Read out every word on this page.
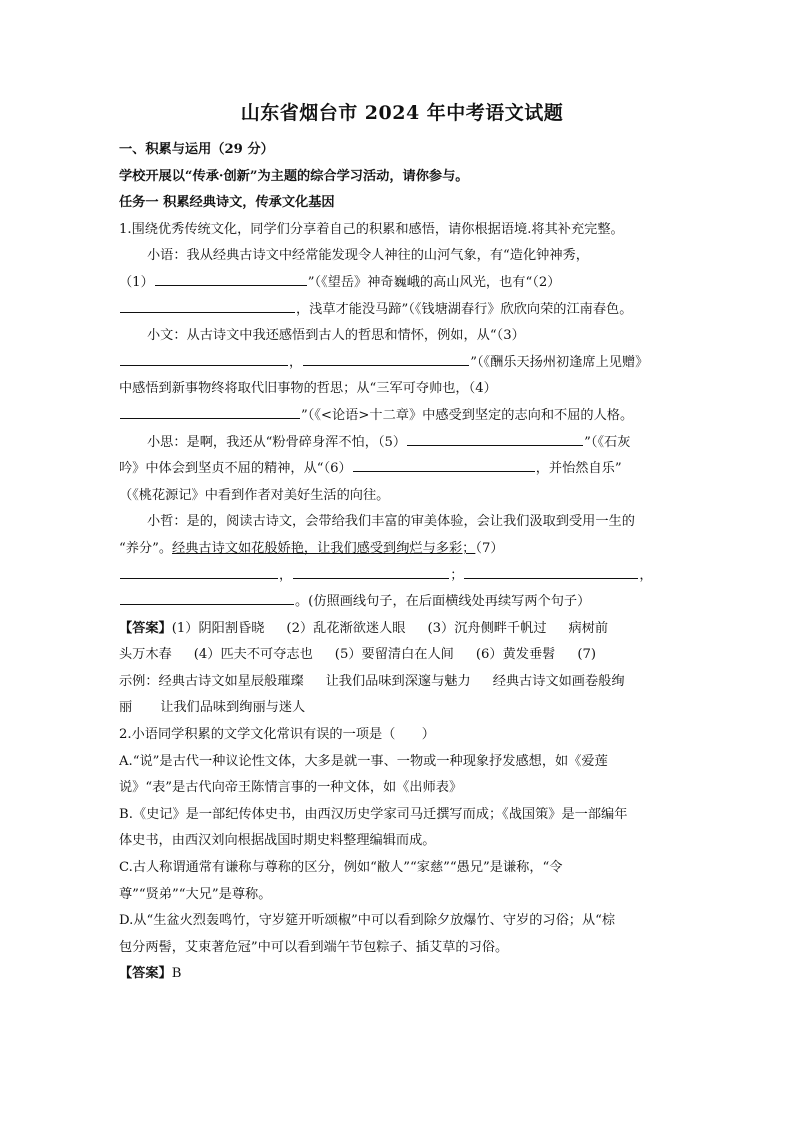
山东省烟台市 2024 年中考语文试题
一、积累与运用（29 分）
学校开展以“传承·创新”为主题的综合学习活动，请你参与。
任务一 积累经典诗文，传承文化基因
1.围绕优秀传统文化，同学们分享着自己的积累和感悟，请你根据语境.将其补充完整。
小语：我从经典古诗文中经常能发现令人神往的山河气象，有“造化钟神秀，
（1）	”（《望岳》神奇巍峨的高山风光，也有“（2）
，浅草才能没马蹄”（《钱塘湖春行》欣欣向荣的江南春色。
小文：从古诗文中我还感悟到古人的哲思和情怀，例如，从“（3）
，	”（《酬乐天扬州初逢席上见赠》
中感悟到新事物终将取代旧事物的哲思；从“三军可夺帅也，（4）
”（《<论语>十二章》中感受到坚定的志向和不屈的人格。
小思：是啊，我还从“粉骨碎身浑不怕，（5）	”（《石灰
吟》中体会到坚贞不屈的精神，从“（6）	，并怡然自乐”
（《桃花源记》中看到作者对美好生活的向往。
小哲：是的，阅读古诗文，会带给我们丰富的审美体验，会让我们汲取到受用一生的
“养分”。经典古诗文如花般娇艳，让我们感受到绚烂与多彩；（7）
，	；	，
。(仿照画线句子，在后面横线处再续写两个句子）
【答案】(1）阴阳割昏晓 (2）乱花渐欲迷人眼 (3）沉舟侧畔千帆过 病树前
头万木春 (4）匹夫不可夺志也 (5）要留清白在人间 (6）黄发垂髫 (7)
示例：经典古诗文如星辰般璀璨 让我们品味到深邃与魅力 经典古诗文如画卷般绚
丽 让我们品味到绚丽与迷人
2.小语同学积累的文学文化常识有误的一项是（　　）
A.“说”是古代一种议论性文体，大多是就一事、一物或一种现象抒发感想，如《爱莲
说》“表”是古代向帝王陈情言事的一种文体，如《出师表》
B.《史记》是一部纪传体史书，由西汉历史学家司马迁撰写而成；《战国策》是一部编年
体史书，由西汉刘向根据战国时期史料整理编辑而成。
C.古人称谓通常有谦称与尊称的区分，例如“敝人”“家慈”“愚兄”是谦称，“令
尊”“贤弟”“大兄”是尊称。
D.从“生盆火烈轰鸣竹，守岁筵开听颂椒”中可以看到除夕放爆竹、守岁的习俗；从“棕
包分两髻，艾束著危冠”中可以看到端午节包粽子、插艾草的习俗。
【答案】B
